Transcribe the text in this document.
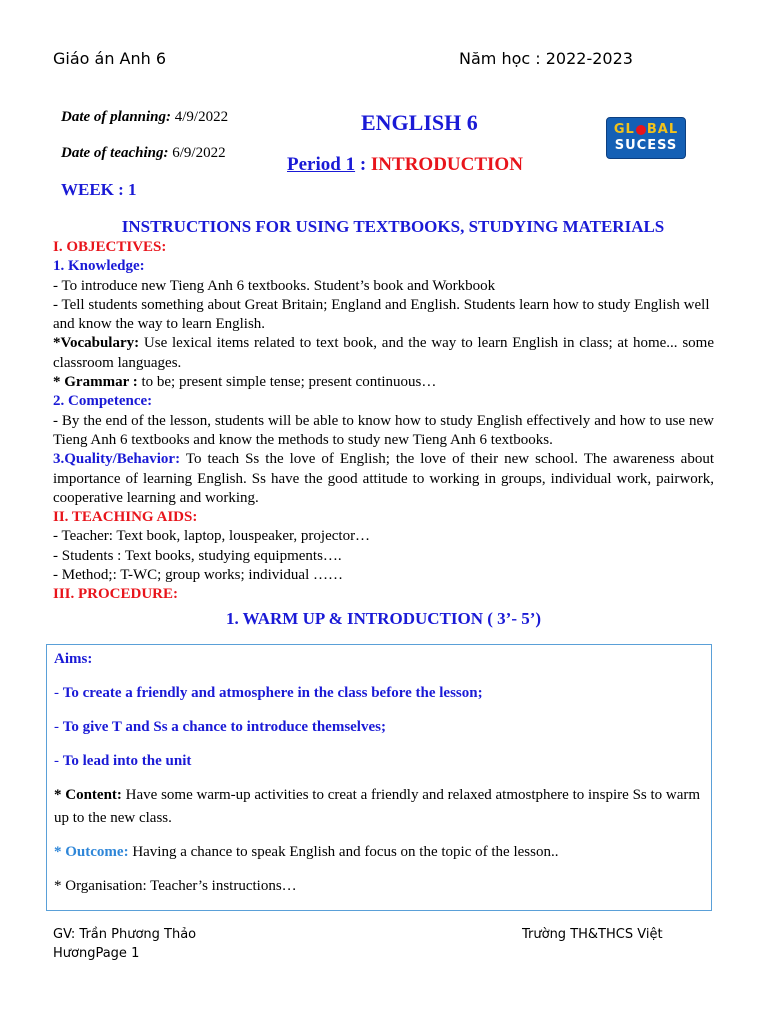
Giáo án Anh 6	Năm học : 2022-2023
Date of planning: 4/9/2022
Date of teaching: 6/9/2022
ENGLISH 6
Period 1 : INTRODUCTION
WEEK : 1
GL BAL
SUCESS
INSTRUCTIONS FOR USING TEXTBOOKS, STUDYING MATERIALS

I. OBJECTIVES:

1. Knowledge:

- To introduce new Tieng Anh 6 textbooks. Student’s book and Workbook

- Tell students something about Great Britain; England and English. Students learn how to study English well and know the way to learn English.

*Vocabulary: Use lexical items related to text book, and the way to learn English in class; at home... some classroom languages.

* Grammar : to be; present simple tense; present continuous…

2. Competence:

- By the end of the lesson, students will be able to know how to study English effectively and how to use new Tieng Anh 6 textbooks and know the methods to study new Tieng Anh 6 textbooks.

3.Quality/Behavior: To teach Ss the love of English; the love of their new school. The awareness about importance of learning English. Ss have the good attitude to working in groups, individual work, pairwork, cooperative learning and working.

II. TEACHING AIDS:

- Teacher: Text book, laptop, louspeaker, projector…

- Students : Text books, studying equipments….

- Method;: T-WC; group works; individual ……

III. PROCEDURE:

1. WARM UP & INTRODUCTION ( 3’- 5’)

Aims:

- To create a friendly and atmosphere in the class before the lesson;

- To give T and Ss a chance to introduce themselves;

- To lead into the unit

* Content: Have some warm-up activities to creat a friendly and relaxed atmostphere to inspire Ss to warm up to the new class.

* Outcome: Having a chance to speak English and focus on the topic of the lesson..

* Organisation: Teacher’s instructions…

GV: Trần Phương Thảo
HươngPage 1
Trường TH&THCS Việt
